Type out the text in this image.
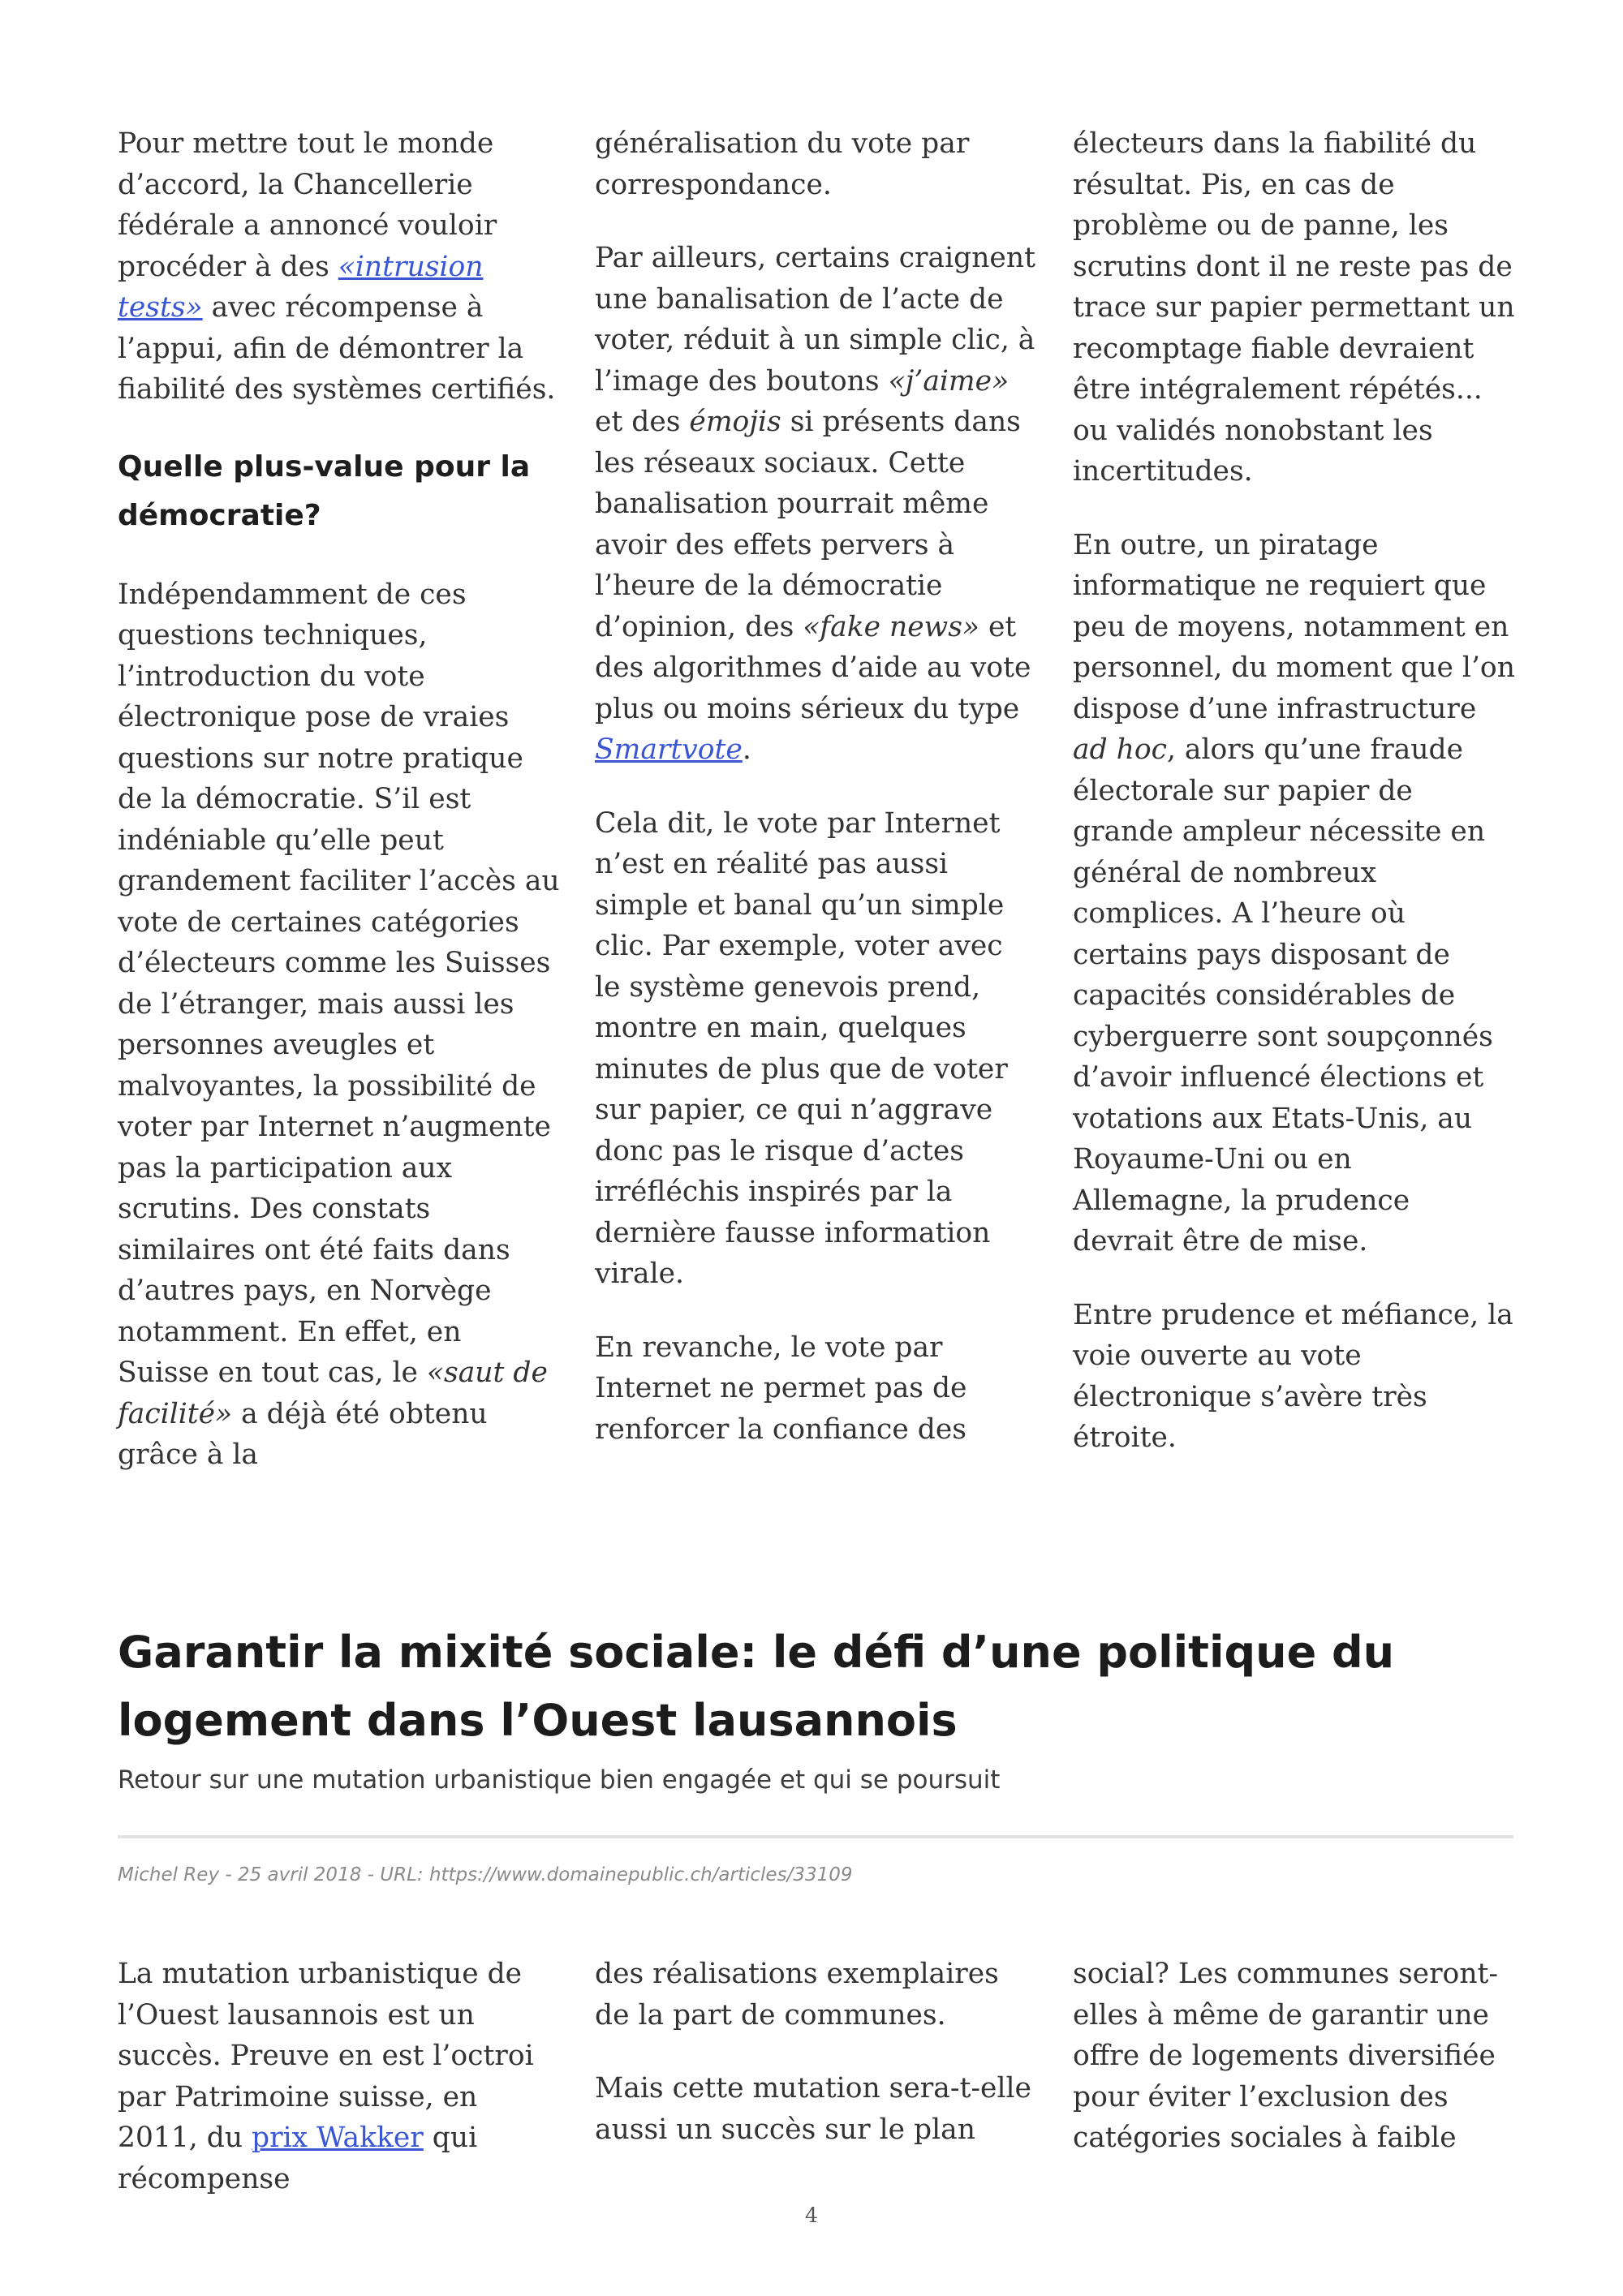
Pour mettre tout le monde d’accord, la Chancellerie fédérale a annoncé vouloir procéder à des «intrusion tests» avec récompense à l’appui, afin de démontrer la fiabilité des systèmes certifiés.

Quelle plus-value pour la démocratie?

Indépendamment de ces questions techniques, l’introduction du vote électronique pose de vraies questions sur notre pratique de la démocratie. S’il est indéniable qu’elle peut grandement faciliter l’accès au vote de certaines catégories d’électeurs comme les Suisses de l’étranger, mais aussi les personnes aveugles et malvoyantes, la possibilité de voter par Internet n’augmente pas la participation aux scrutins. Des constats similaires ont été faits dans d’autres pays, en Norvège notamment. En effet, en Suisse en tout cas, le «saut de facilité» a déjà été obtenu grâce à la

généralisation du vote par correspondance.

Par ailleurs, certains craignent une banalisation de l’acte de voter, réduit à un simple clic, à l’image des boutons «j’aime» et des émojis si présents dans les réseaux sociaux. Cette banalisation pourrait même avoir des effets pervers à l’heure de la démocratie d’opinion, des «fake news» et des algorithmes d’aide au vote plus ou moins sérieux du type Smartvote.

Cela dit, le vote par Internet n’est en réalité pas aussi simple et banal qu’un simple clic. Par exemple, voter avec le système genevois prend, montre en main, quelques minutes de plus que de voter sur papier, ce qui n’aggrave donc pas le risque d’actes irréfléchis inspirés par la dernière fausse information virale.

En revanche, le vote par Internet ne permet pas de renforcer la confiance des

électeurs dans la fiabilité du résultat. Pis, en cas de problème ou de panne, les scrutins dont il ne reste pas de trace sur papier permettant un recomptage fiable devraient être intégralement répétés... ou validés nonobstant les incertitudes.

En outre, un piratage informatique ne requiert que peu de moyens, notamment en personnel, du moment que l’on dispose d’une infrastructure ad hoc, alors qu’une fraude électorale sur papier de grande ampleur nécessite en général de nombreux complices. A l’heure où certains pays disposant de capacités considérables de cyberguerre sont soupçonnés d’avoir influencé élections et votations aux Etats-Unis, au Royaume-Uni ou en Allemagne, la prudence devrait être de mise.

Entre prudence et méfiance, la voie ouverte au vote électronique s’avère très étroite.

Garantir la mixité sociale: le défi d’une politique du logement dans l’Ouest lausannois
Retour sur une mutation urbanistique bien engagée et qui se poursuit
Michel Rey - 25 avril 2018 - URL: https://www.domainepublic.ch/articles/33109

La mutation urbanistique de l’Ouest lausannois est un succès. Preuve en est l’octroi par Patrimoine suisse, en 2011, du prix Wakker qui récompense

des réalisations exemplaires de la part de communes.

Mais cette mutation sera-t-elle aussi un succès sur le plan

social? Les communes seront-elles à même de garantir une offre de logements diversifiée pour éviter l’exclusion des catégories sociales à faible

4
